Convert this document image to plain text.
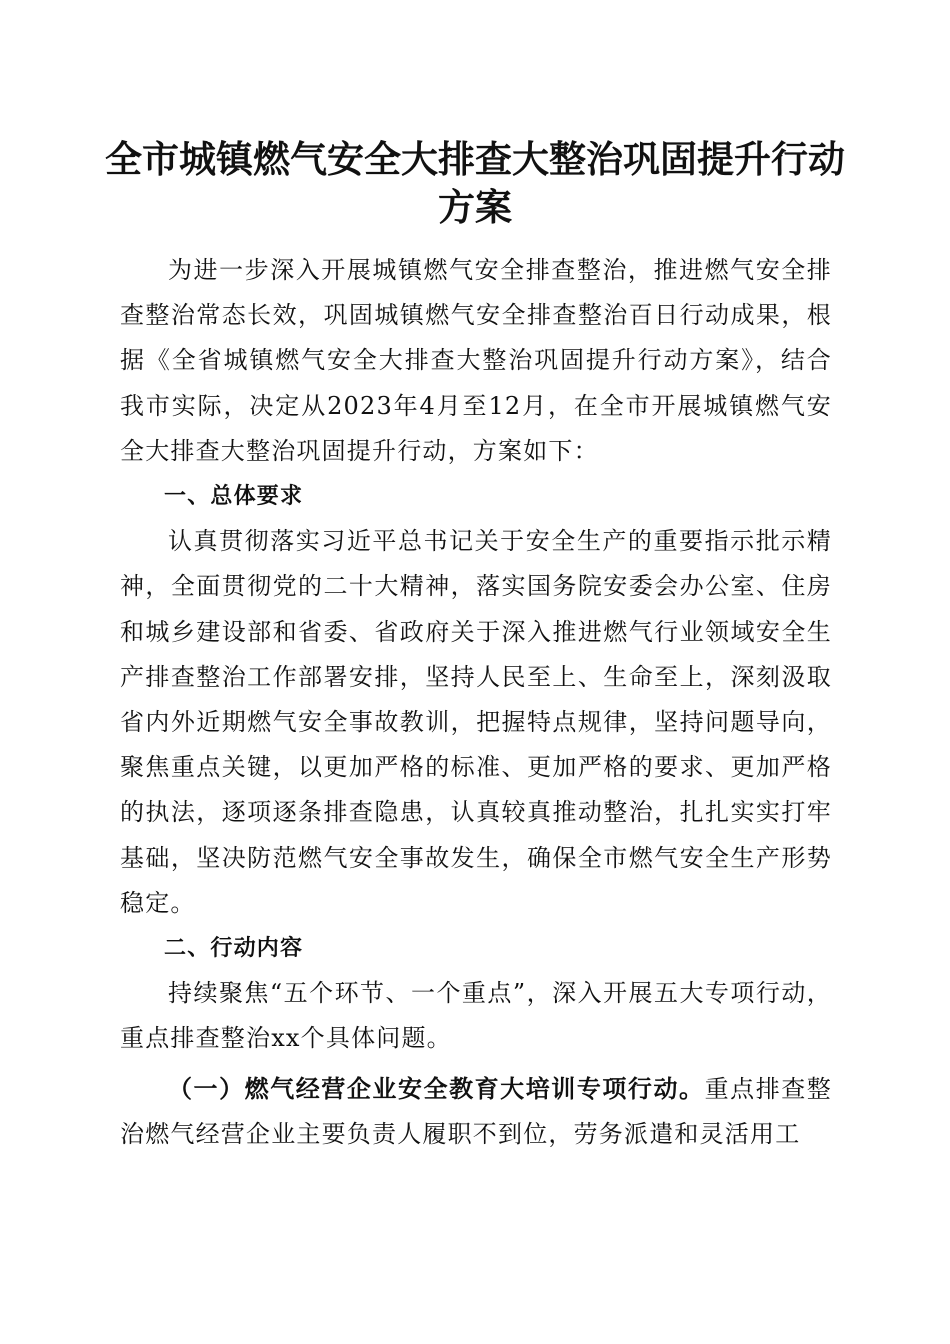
全市城镇燃气安全大排查大整治巩固提升行动
方案

为进一步深入开展城镇燃气安全排查整治，推进燃气安全排查整治常态长效，巩固城镇燃气安全排查整治百日行动成果，根据《全省城镇燃气安全大排查大整治巩固提升行动方案》，结合我市实际，决定从2023年4月至12月，在全市开展城镇燃气安全大排查大整治巩固提升行动，方案如下：

一、总体要求

认真贯彻落实习近平总书记关于安全生产的重要指示批示精神，全面贯彻党的二十大精神，落实国务院安委会办公室、住房和城乡建设部和省委、省政府关于深入推进燃气行业领域安全生产排查整治工作部署安排，坚持人民至上、生命至上，深刻汲取省内外近期燃气安全事故教训，把握特点规律，坚持问题导向，聚焦重点关键，以更加严格的标准、更加严格的要求、更加严格的执法，逐项逐条排查隐患，认真较真推动整治，扎扎实实打牢基础，坚决防范燃气安全事故发生，确保全市燃气安全生产形势稳定。

二、行动内容

持续聚焦“五个环节、一个重点”，深入开展五大专项行动，重点排查整治xx个具体问题。

（一）燃气经营企业安全教育大培训专项行动。重点排查整治燃气经营企业主要负责人履职不到位，劳务派遣和灵活用工
